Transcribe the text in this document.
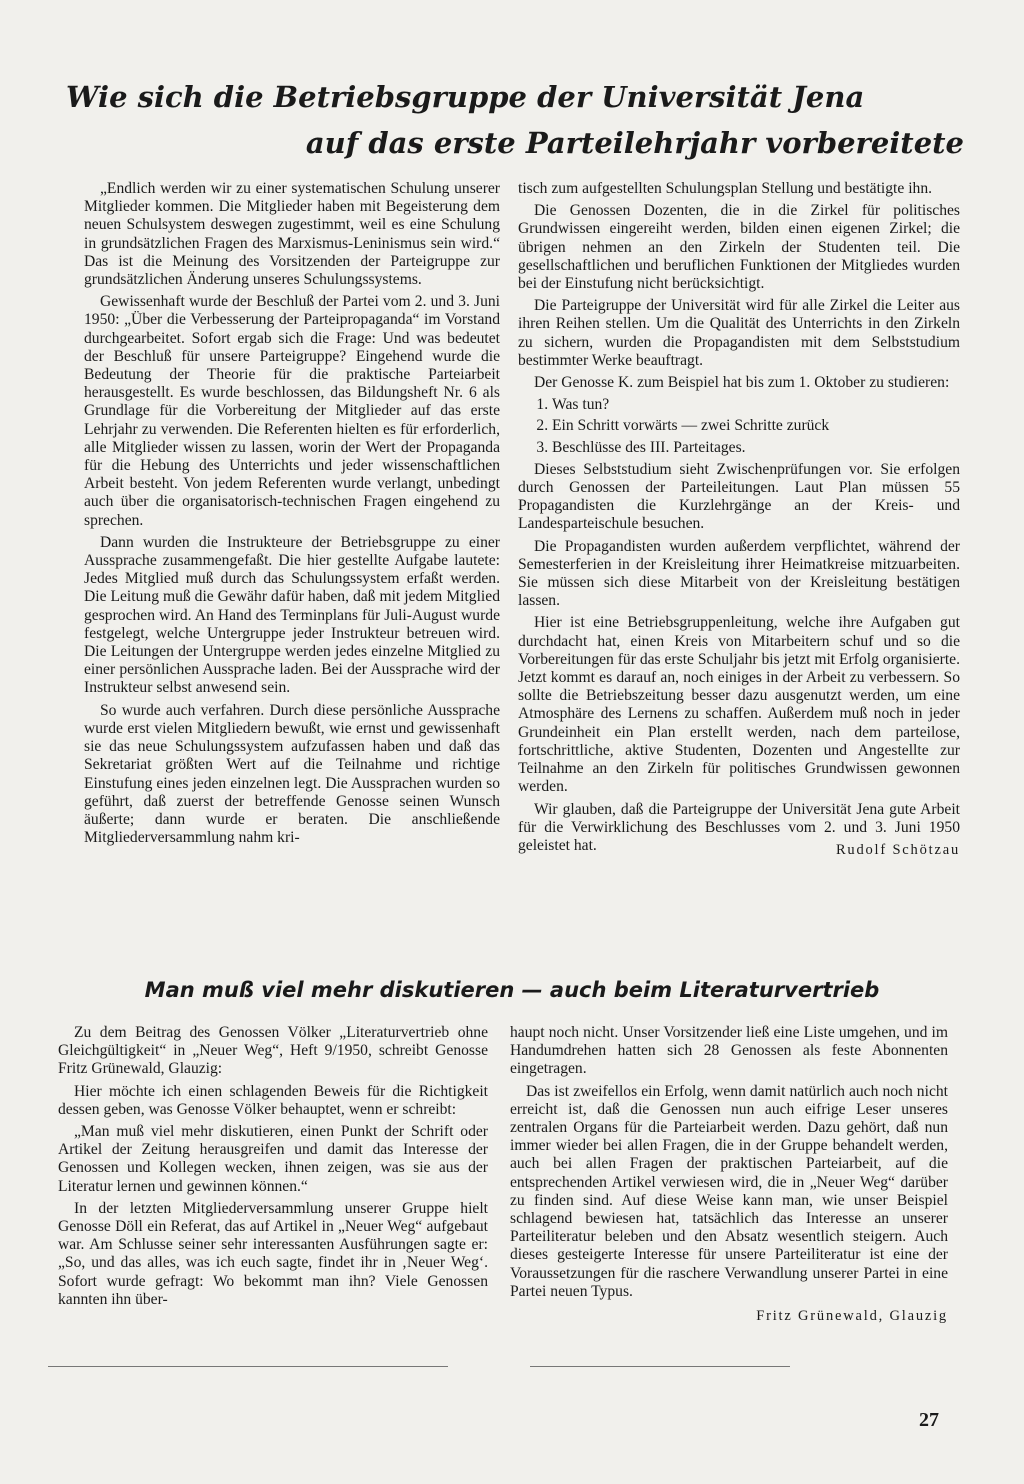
Wie sich die Betriebsgruppe der Universität Jena
auf das erste Parteilehrjahr vorbereitete

„Endlich werden wir zu einer systematischen Schulung unserer Mitglieder kommen. Die Mitglieder haben mit Begeisterung dem neuen Schulsystem deswegen zugestimmt, weil es eine Schulung in grundsätzlichen Fragen des Marxismus-Leninismus sein wird.“ Das ist die Meinung des Vorsitzenden der Parteigruppe zur grundsätzlichen Änderung unseres Schulungssystems.

Gewissenhaft wurde der Beschluß der Partei vom 2. und 3. Juni 1950: „Über die Verbesserung der Parteipropaganda“ im Vorstand durchgearbeitet. Sofort ergab sich die Frage: Und was bedeutet der Beschluß für unsere Parteigruppe? Eingehend wurde die Bedeutung der Theorie für die praktische Parteiarbeit herausgestellt. Es wurde beschlossen, das Bildungsheft Nr. 6 als Grundlage für die Vorbereitung der Mitglieder auf das erste Lehrjahr zu verwenden. Die Referenten hielten es für erforderlich, alle Mitglieder wissen zu lassen, worin der Wert der Propaganda für die Hebung des Unterrichts und jeder wissenschaftlichen Arbeit besteht. Von jedem Referenten wurde verlangt, unbedingt auch über die organisatorisch-technischen Fragen eingehend zu sprechen.

Dann wurden die Instrukteure der Betriebsgruppe zu einer Aussprache zusammengefaßt. Die hier gestellte Aufgabe lautete: Jedes Mitglied muß durch das Schulungssystem erfaßt werden. Die Leitung muß die Gewähr dafür haben, daß mit jedem Mitglied gesprochen wird. An Hand des Terminplans für Juli-August wurde festgelegt, welche Untergruppe jeder Instrukteur betreuen wird. Die Leitungen der Untergruppe werden jedes einzelne Mitglied zu einer persönlichen Aussprache laden. Bei der Aussprache wird der Instrukteur selbst anwesend sein.

So wurde auch verfahren. Durch diese persönliche Aussprache wurde erst vielen Mitgliedern bewußt, wie ernst und gewissenhaft sie das neue Schulungssystem aufzufassen haben und daß das Sekretariat größten Wert auf die Teilnahme und richtige Einstufung eines jeden einzelnen legt. Die Aussprachen wurden so geführt, daß zuerst der betreffende Genosse seinen Wunsch äußerte; dann wurde er beraten. Die anschließende Mitgliederversammlung nahm kri-

tisch zum aufgestellten Schulungsplan Stellung und bestätigte ihn.

Die Genossen Dozenten, die in die Zirkel für politisches Grundwissen eingereiht werden, bilden einen eigenen Zirkel; die übrigen nehmen an den Zirkeln der Studenten teil. Die gesellschaftlichen und beruflichen Funktionen der Mitgliedes wurden bei der Einstufung nicht berücksichtigt.

Die Parteigruppe der Universität wird für alle Zirkel die Leiter aus ihren Reihen stellen. Um die Qualität des Unterrichts in den Zirkeln zu sichern, wurden die Propagandisten mit dem Selbststudium bestimmter Werke beauftragt.

Der Genosse K. zum Beispiel hat bis zum 1. Oktober zu studieren:

1. Was tun?
2. Ein Schritt vorwärts — zwei Schritte zurück
3. Beschlüsse des III. Parteitages.

Dieses Selbststudium sieht Zwischenprüfungen vor. Sie erfolgen durch Genossen der Parteileitungen. Laut Plan müssen 55 Propagandisten die Kurzlehrgänge an der Kreis- und Landesparteischule besuchen.

Die Propagandisten wurden außerdem verpflichtet, während der Semesterferien in der Kreisleitung ihrer Heimatkreise mitzuarbeiten. Sie müssen sich diese Mitarbeit von der Kreisleitung bestätigen lassen.

Hier ist eine Betriebsgruppenleitung, welche ihre Aufgaben gut durchdacht hat, einen Kreis von Mitarbeitern schuf und so die Vorbereitungen für das erste Schuljahr bis jetzt mit Erfolg organisierte. Jetzt kommt es darauf an, noch einiges in der Arbeit zu verbessern. So sollte die Betriebszeitung besser dazu ausgenutzt werden, um eine Atmosphäre des Lernens zu schaffen. Außerdem muß noch in jeder Grundeinheit ein Plan erstellt werden, nach dem parteilose, fortschrittliche, aktive Studenten, Dozenten und Angestellte zur Teilnahme an den Zirkeln für politisches Grundwissen gewonnen werden.

Wir glauben, daß die Parteigruppe der Universität Jena gute Arbeit für die Verwirklichung des Beschlusses vom 2. und 3. Juni 1950 geleistet hat.	Rudolf Schötzau

Man muß viel mehr diskutieren — auch beim Literaturvertrieb

Zu dem Beitrag des Genossen Völker „Literaturvertrieb ohne Gleichgültigkeit“ in „Neuer Weg“, Heft 9/1950, schreibt Genosse Fritz Grünewald, Glauzig:

Hier möchte ich einen schlagenden Beweis für die Richtigkeit dessen geben, was Genosse Völker behauptet, wenn er schreibt:

„Man muß viel mehr diskutieren, einen Punkt der Schrift oder Artikel der Zeitung herausgreifen und damit das Interesse der Genossen und Kollegen wecken, ihnen zeigen, was sie aus der Literatur lernen und gewinnen können.“

In der letzten Mitgliederversammlung unserer Gruppe hielt Genosse Döll ein Referat, das auf Artikel in „Neuer Weg“ aufgebaut war. Am Schlusse seiner sehr interessanten Ausführungen sagte er: „So, und das alles, was ich euch sagte, findet ihr in ‚Neuer Weg‘. Sofort wurde gefragt: Wo bekommt man ihn? Viele Genossen kannten ihn über-

haupt noch nicht. Unser Vorsitzender ließ eine Liste umgehen, und im Handumdrehen hatten sich 28 Genossen als feste Abonnenten eingetragen.

Das ist zweifellos ein Erfolg, wenn damit natürlich auch noch nicht erreicht ist, daß die Genossen nun auch eifrige Leser unseres zentralen Organs für die Parteiarbeit werden. Dazu gehört, daß nun immer wieder bei allen Fragen, die in der Gruppe behandelt werden, auch bei allen Fragen der praktischen Parteiarbeit, auf die entsprechenden Artikel verwiesen wird, die in „Neuer Weg“ darüber zu finden sind. Auf diese Weise kann man, wie unser Beispiel schlagend bewiesen hat, tatsächlich das Interesse an unserer Parteiliteratur beleben und den Absatz wesentlich steigern. Auch dieses gesteigerte Interesse für unsere Parteiliteratur ist eine der Voraussetzungen für die raschere Verwandlung unserer Partei in eine Partei neuen Typus.

Fritz Grünewald, Glauzig

27
